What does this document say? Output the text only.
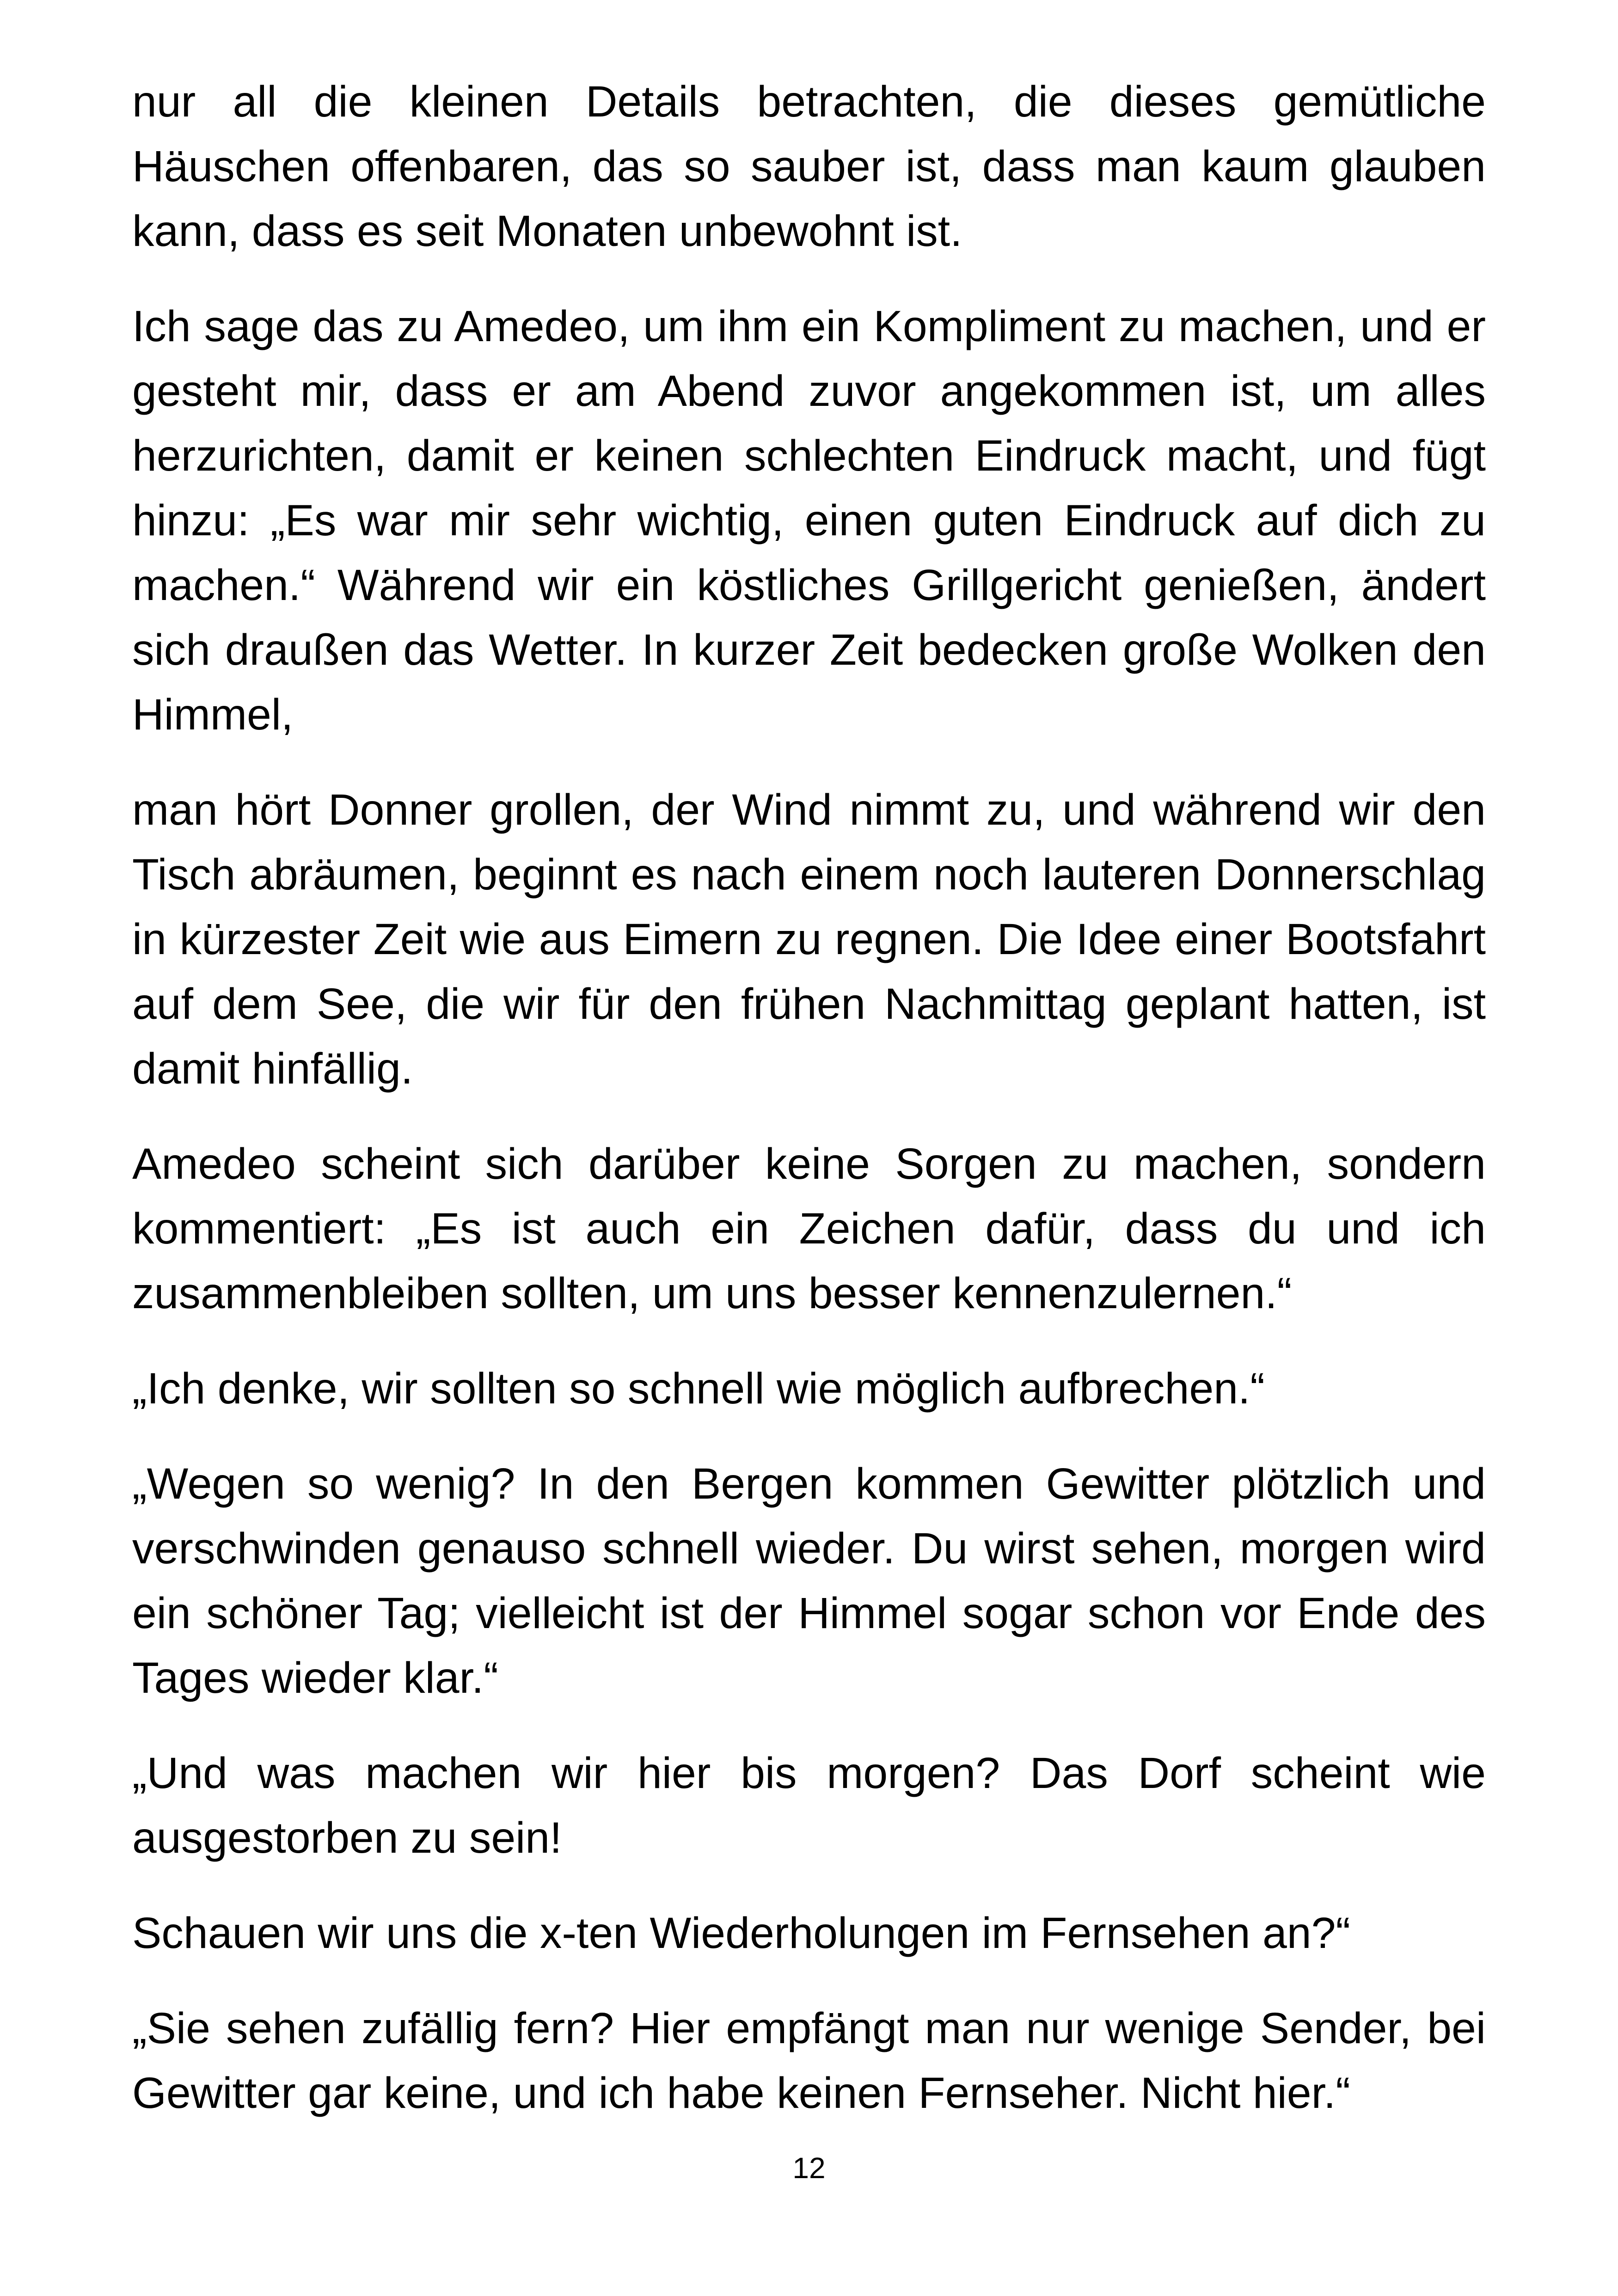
nur all die kleinen Details betrachten, die dieses gemütliche Häuschen offenbaren, das so sauber ist, dass man kaum glauben kann, dass es seit Monaten unbewohnt ist.

Ich sage das zu Amedeo, um ihm ein Kompliment zu machen, und er gesteht mir, dass er am Abend zuvor angekommen ist, um alles herzurichten, damit er keinen schlechten Eindruck macht, und fügt hinzu: „Es war mir sehr wichtig, einen guten Eindruck auf dich zu machen.“ Während wir ein köstliches Grillgericht genießen, ändert sich draußen das Wetter. In kurzer Zeit bedecken große Wolken den Himmel,

man hört Donner grollen, der Wind nimmt zu, und während wir den Tisch abräumen, beginnt es nach einem noch lauteren Donnerschlag in kürzester Zeit wie aus Eimern zu regnen. Die Idee einer Bootsfahrt auf dem See, die wir für den frühen Nachmittag geplant hatten, ist damit hinfällig.

Amedeo scheint sich darüber keine Sorgen zu machen, sondern kommentiert: „Es ist auch ein Zeichen dafür, dass du und ich zusammenbleiben sollten, um uns besser kennenzulernen.“

„Ich denke, wir sollten so schnell wie möglich aufbrechen.“

„Wegen so wenig? In den Bergen kommen Gewitter plötzlich und verschwinden genauso schnell wieder. Du wirst sehen, morgen wird ein schöner Tag; vielleicht ist der Himmel sogar schon vor Ende des Tages wieder klar.“

„Und was machen wir hier bis morgen? Das Dorf scheint wie ausgestorben zu sein!

Schauen wir uns die x-ten Wiederholungen im Fernsehen an?“

„Sie sehen zufällig fern? Hier empfängt man nur wenige Sender, bei Gewitter gar keine, und ich habe keinen Fernseher. Nicht hier.“

12
